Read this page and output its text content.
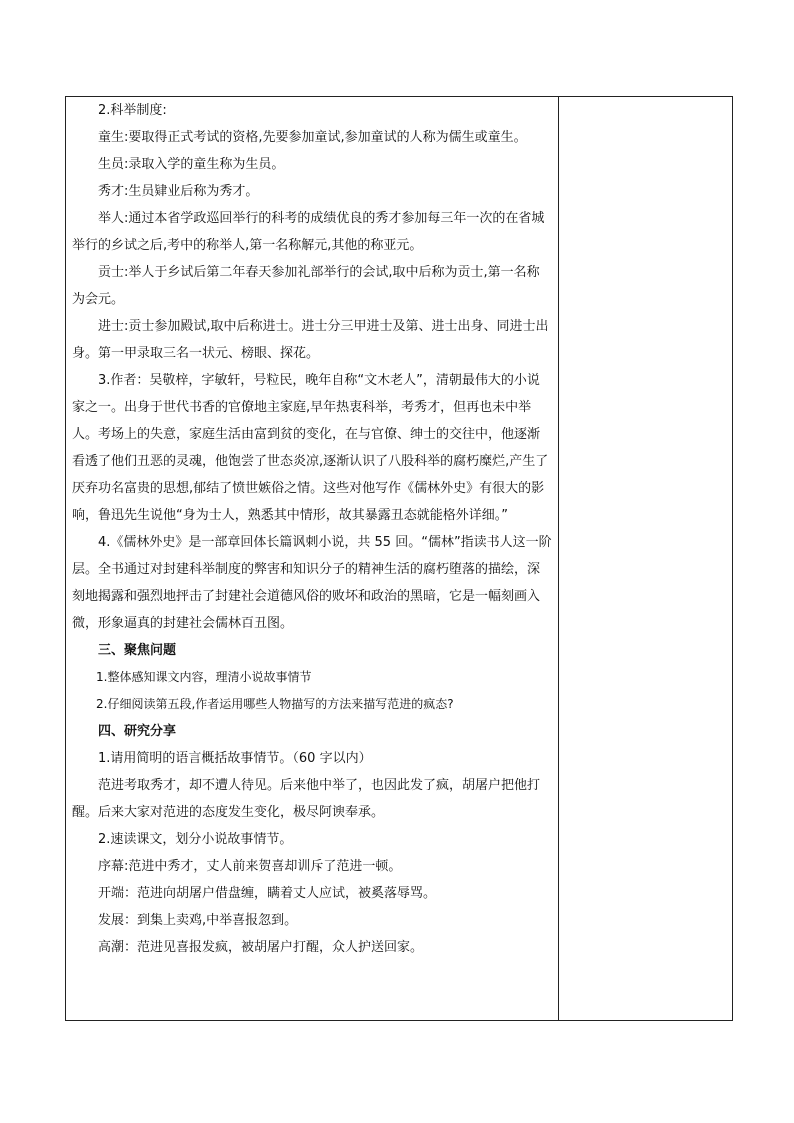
2.科举制度:

童生:要取得正式考试的资格,先要参加童试,参加童试的人称为儒生或童生。

生员:录取入学的童生称为生员。

秀才:生员肄业后称为秀才。

举人:通过本省学政巡回举行的科考的成绩优良的秀才参加每三年一次的在省城举行的乡试之后,考中的称举人,第一名称解元,其他的称亚元。

贡士:举人于乡试后第二年春天参加礼部举行的会试,取中后称为贡士,第一名称为会元。

进士:贡士参加殿试,取中后称进士。进士分三甲进士及第、进士出身、同进士出身。第一甲录取三名一状元、榜眼、探花。

3.作者：吴敬梓，字敏轩，号粒民，晚年自称“文木老人”，清朝最伟大的小说家之一。出身于世代书香的官僚地主家庭,早年热衷科举，考秀才，但再也未中举人。考场上的失意，家庭生活由富到贫的变化，在与官僚、绅士的交往中，他逐渐看透了他们丑恶的灵魂，他饱尝了世态炎凉,逐渐认识了八股科举的腐朽糜烂,产生了厌弃功名富贵的思想,郁结了愤世嫉俗之情。这些对他写作《儒林外史》有很大的影响，鲁迅先生说他“身为士人，熟悉其中情形，故其暴露丑态就能格外详细。”

4.《儒林外史》是一部章回体长篇讽刺小说，共 55 回。“儒林”指读书人这一阶层。全书通过对封建科举制度的弊害和知识分子的精神生活的腐朽堕落的描绘，深刻地揭露和强烈地抨击了封建社会道德风俗的败坏和政治的黑暗，它是一幅刻画入微，形象逼真的封建社会儒林百丑图。

三、聚焦问题

1.整体感知课文内容，理清小说故事情节

2.仔细阅读第五段,作者运用哪些人物描写的方法来描写范进的疯态?

四、研究分享

1.请用简明的语言概括故事情节。（60 字以内）

范进考取秀才，却不遭人待见。后来他中举了，也因此发了疯，胡屠户把他打醒。后来大家对范进的态度发生变化，极尽阿谀奉承。

2.速读课文，划分小说故事情节。

序幕:范进中秀才，丈人前来贺喜却训斥了范进一顿。

开端：范进向胡屠户借盘缠，瞒着丈人应试，被奚落辱骂。

发展：到集上卖鸡,中举喜报忽到。

高潮：范进见喜报发疯，被胡屠户打醒，众人护送回家。
